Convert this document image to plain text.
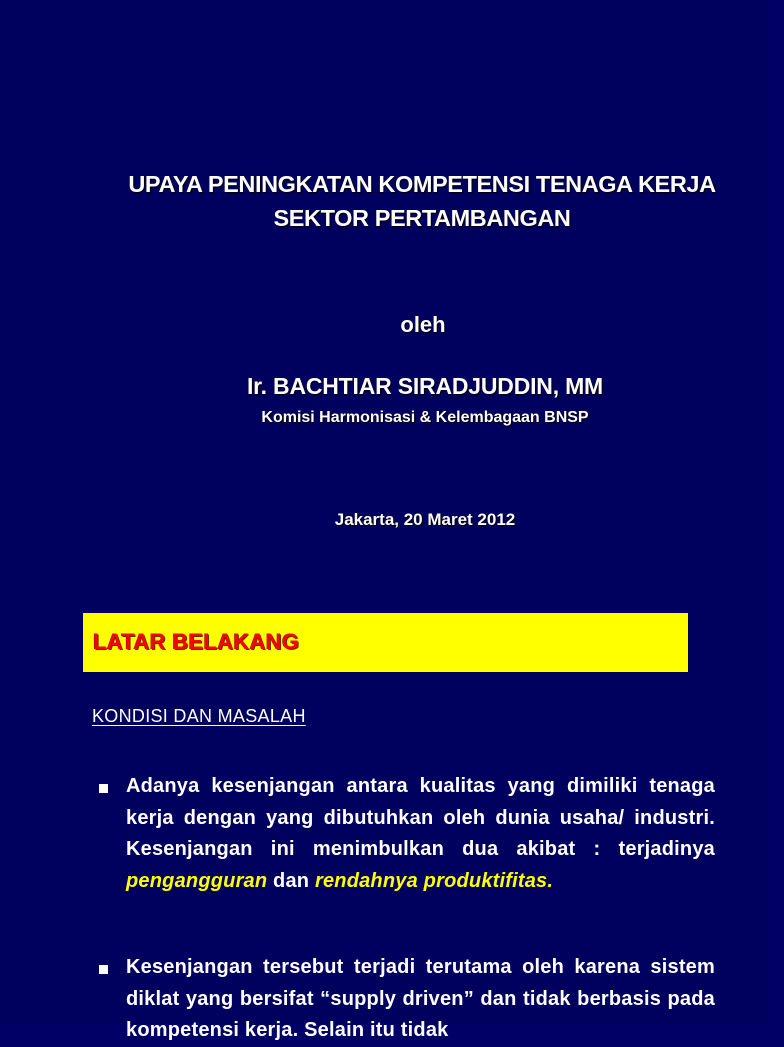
UPAYA PENINGKATAN KOMPETENSI TENAGA KERJA
SEKTOR PERTAMBANGAN
oleh
Ir. BACHTIAR SIRADJUDDIN, MM
Komisi Harmonisasi & Kelembagaan BNSP
Jakarta, 20 Maret 2012
LATAR BELAKANG
KONDISI DAN MASALAH
Adanya kesenjangan antara kualitas yang dimiliki tenaga kerja dengan yang dibutuhkan oleh dunia usaha/ industri. Kesenjangan ini menimbulkan dua akibat : terjadinya pengangguran dan rendahnya produktifitas.
Kesenjangan tersebut terjadi terutama oleh karena sistem diklat yang bersifat “supply driven” dan tidak berbasis pada kompetensi kerja. Selain itu tidak
